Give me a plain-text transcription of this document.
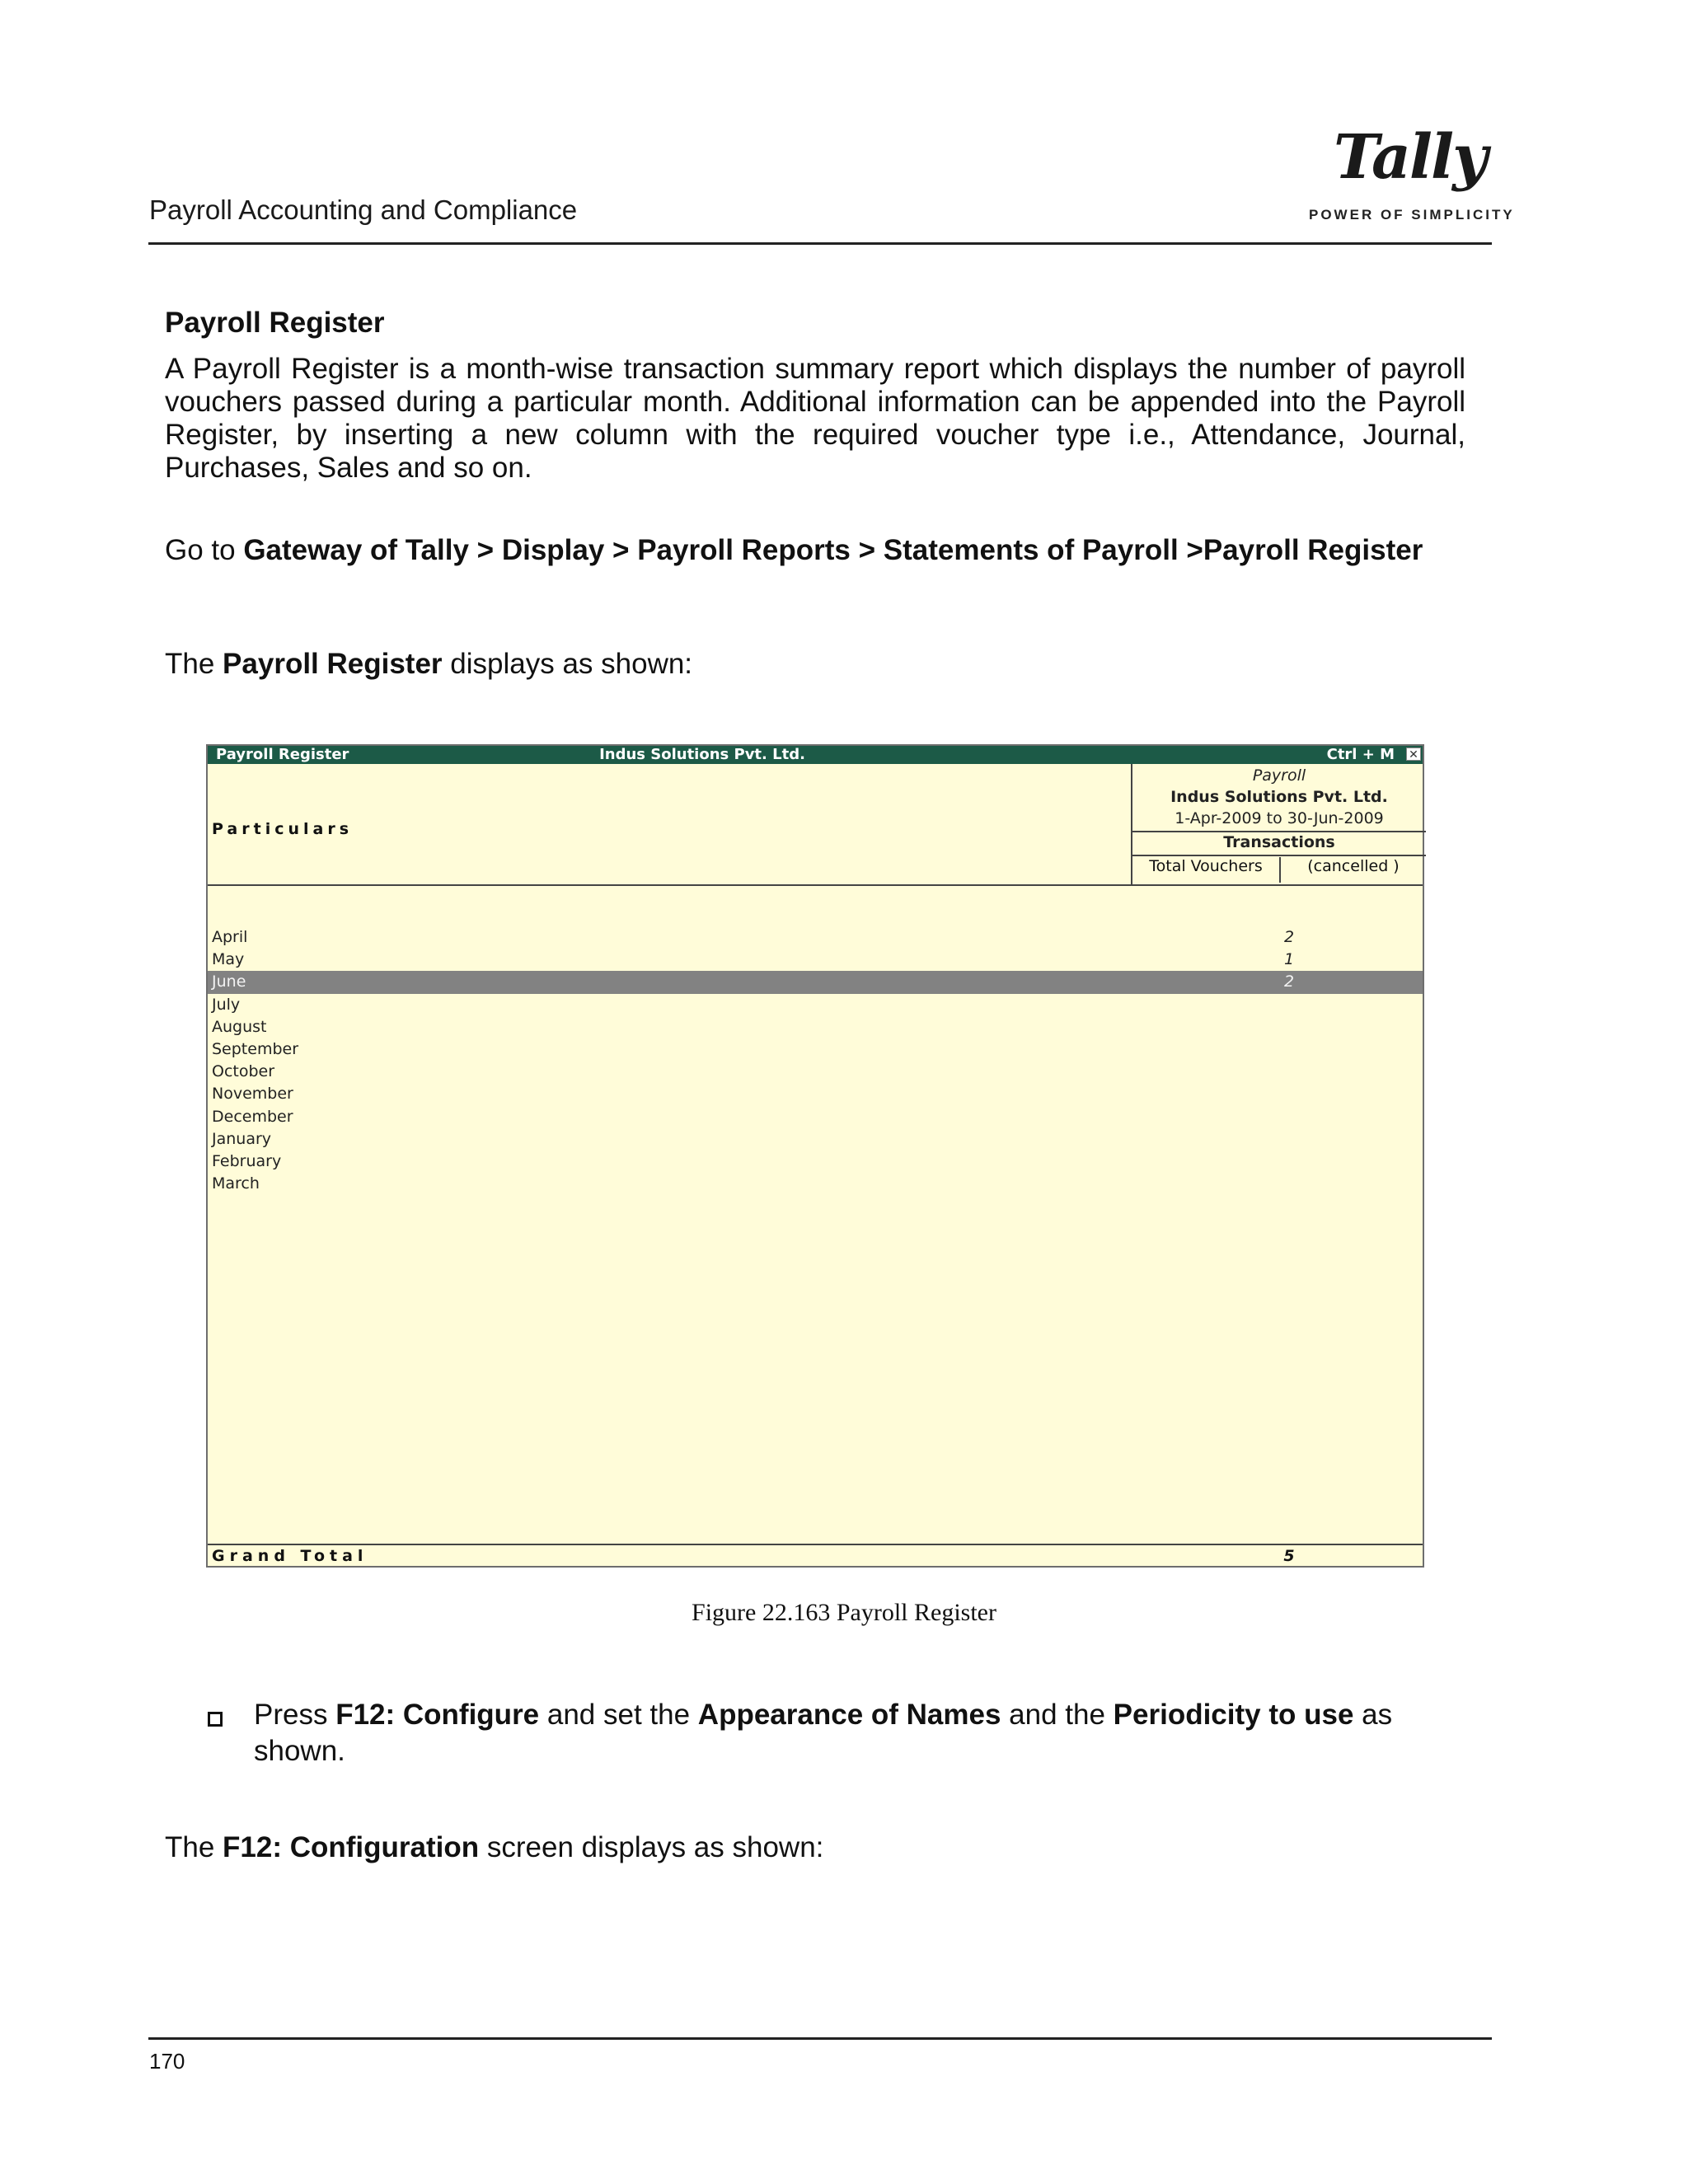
Payroll Accounting and Compliance
Tally
POWER OF SIMPLICITY
Payroll Register
A Payroll Register is a month-wise transaction summary report which displays the number of payroll vouchers passed during a particular month. Additional information can be appended into the Payroll Register, by inserting a new column with the required voucher type i.e., Attendance, Journal, Purchases, Sales and so on.
Go to Gateway of Tally > Display > Payroll Reports > Statements of Payroll >Payroll Register
The Payroll Register displays as shown:
Payroll Register	Indus Solutions Pvt. Ltd.	Ctrl + M ✕
Particulars
Payroll
Indus Solutions Pvt. Ltd.
1-Apr-2009 to 30-Jun-2009
Transactions
Total Vouchers	(cancelled )
April	2
May	1
June	2
July
August
September
October
November
December
January
February
March
Grand Total	5
Figure 22.163 Payroll Register
Press F12: Configure and set the Appearance of Names and the Periodicity to use as shown.
The F12: Configuration screen displays as shown:
170
